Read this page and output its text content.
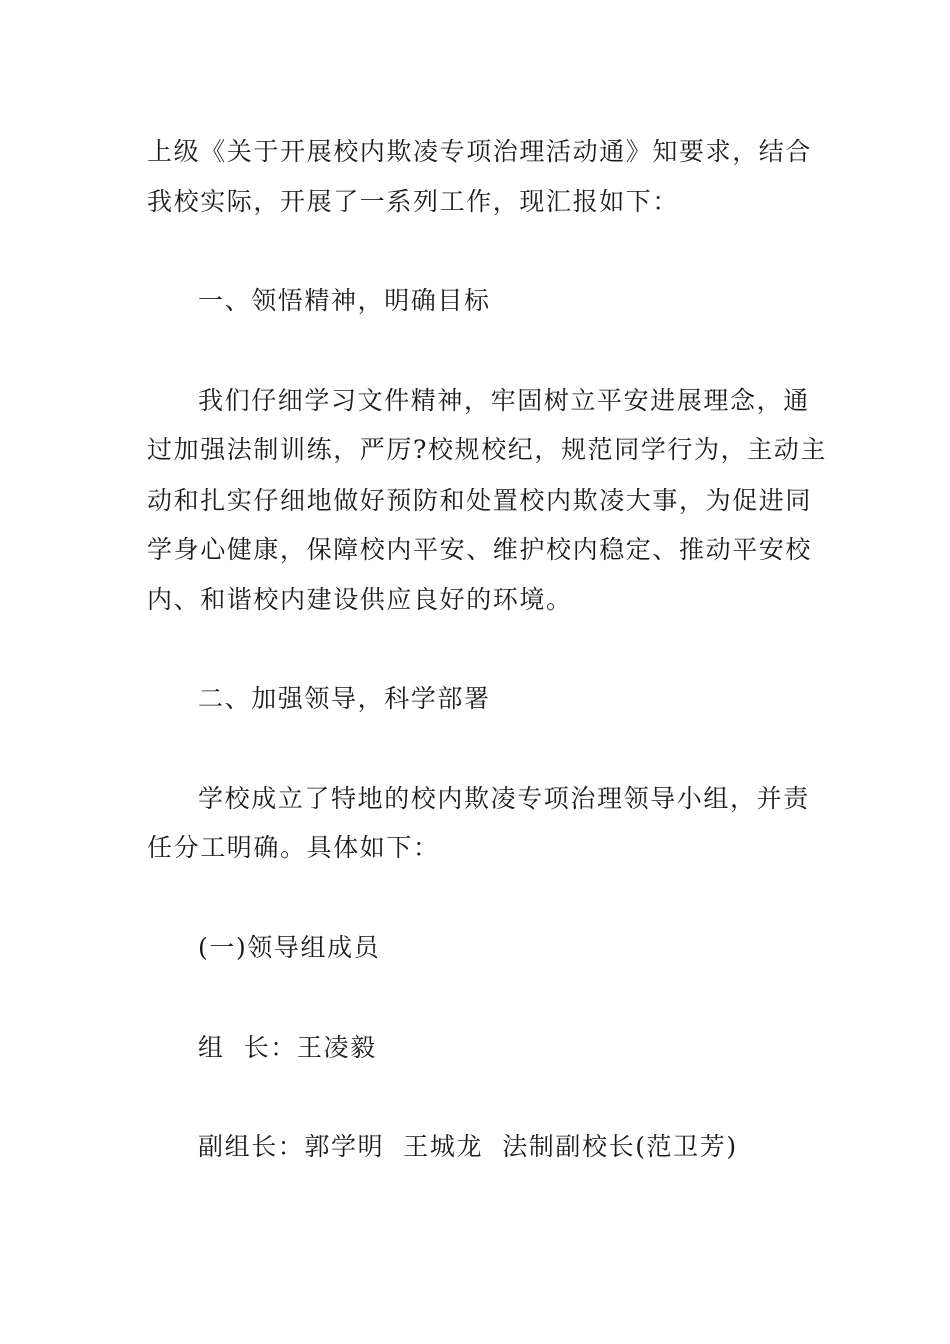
上级《关于开展校内欺凌专项治理活动通》知要求，结合
我校实际，开展了一系列工作，现汇报如下：
一、领悟精神，明确目标
我们仔细学习文件精神，牢固树立平安进展理念，通
过加强法制训练，严厉?校规校纪，规范同学行为，主动主
动和扎实仔细地做好预防和处置校内欺凌大事，为促进同
学身心健康，保障校内平安、维护校内稳定、推动平安校
内、和谐校内建设供应良好的环境。
二、加强领导，科学部署
学校成立了特地的校内欺凌专项治理领导小组，并责
任分工明确。具体如下：
(一)领导组成员
组  长：王凌毅
副组长：郭学明  王城龙  法制副校长(范卫芳)
